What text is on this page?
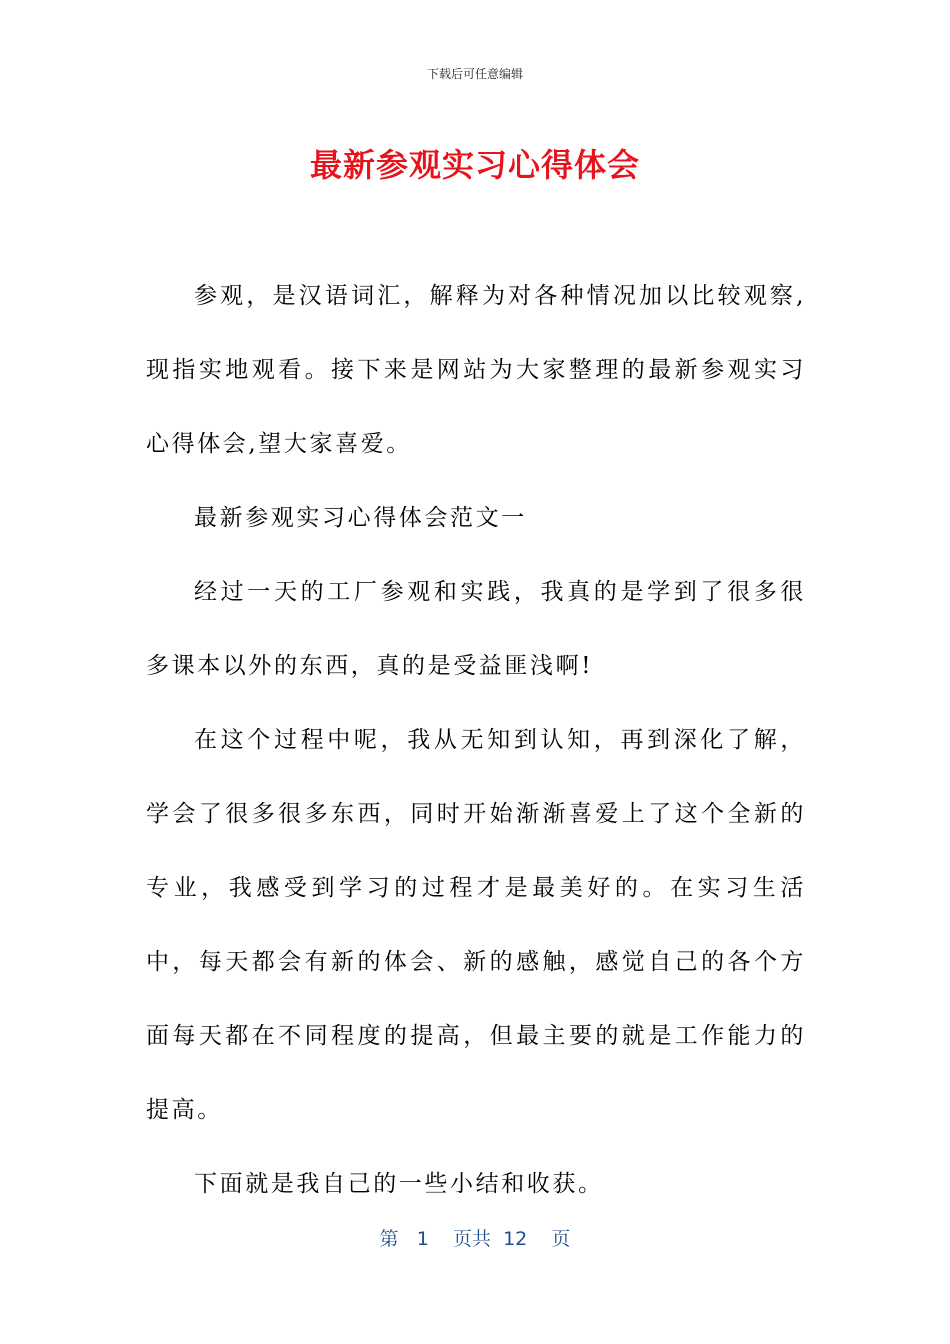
下载后可任意编辑
最新参观实习心得体会

参观，是汉语词汇，解释为对各种情况加以比较观察,现指实地观看。接下来是网站为大家整理的最新参观实习心得体会,望大家喜爱。

最新参观实习心得体会范文一

经过一天的工厂参观和实践，我真的是学到了很多很多课本以外的东西，真的是受益匪浅啊!

在这个过程中呢，我从无知到认知，再到深化了解，学会了很多很多东西，同时开始渐渐喜爱上了这个全新的专业，我感受到学习的过程才是最美好的。在实习生活中，每天都会有新的体会、新的感触，感觉自己的各个方面每天都在不同程度的提高，但最主要的就是工作能力的提高。

下面就是我自己的一些小结和收获。

第 1 页共 12 页
